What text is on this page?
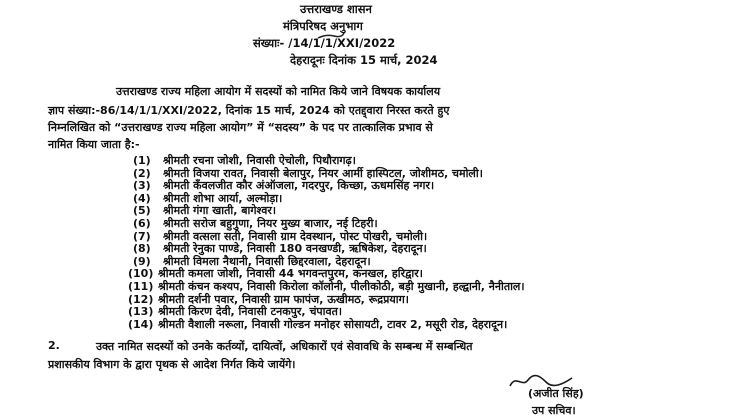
उत्तराखण्ड शासन
मंत्रिपरिषद अनुभाग
संख्याः- /14/1/1/XXI/2022
देहरादूनः दिनांक 15 मार्च, 2024
उत्तराखण्ड राज्य महिला आयोग में सदस्यों को नामित किये जाने विषयक कार्यालय
ज्ञाप संख्या:-86/14/1/1/XXI/2022, दिनांक 15 मार्च, 2024 को एतद्द्वारा निरस्त करते हुए
निम्नलिखित को “उत्तराखण्ड राज्य महिला आयोग” में “सदस्य” के पद पर तात्कालिक प्रभाव से
नामित किया जाता है:-
(1) श्रीमती रचना जोशी, निवासी ऐचोली, पिथौरागढ़।
(2) श्रीमती विजया रावत, निवासी बेलापुर, नियर आर्मी हास्पिटल, जोशीमठ, चमोली।
(3) श्रीमती कँवलजीत कौर अंऑजला, गदरपुर, किच्छा, ऊधमसिंह नगर।
(4) श्रीमती शोभा आर्या, अल्मोड़ा।
(5) श्रीमती गंगा खाती, बागेश्वर।
(6) श्रीमती सरोज बहुगुणा, नियर मुख्य बाजार, नई टिहरी।
(7) श्रीमती वत्सला सती, निवासी ग्राम देवस्थान, पोस्ट पोखरी, चमोली।
(8) श्रीमती रेनुका पाण्डे, निवासी 180 वनखण्डी, ऋषिकेश, देहरादून।
(9) श्रीमती विमला नैथानी, निवासी छिद्दरवाला, देहरादून।
(10) श्रीमती कमला जोशी, निवासी 44 भगवन्तपुरम, कनखल, हरिद्वार।
(11) श्रीमती कंचन कश्यप, निवासी किरोला कॉलोनी, पीलीकोठी, बड़ी मुखानी, हल्द्वानी, नैनीताल।
(12) श्रीमती दर्शनी पवार, निवासी ग्राम फापंज, ऊखीमठ, रूद्रप्रयाग।
(13) श्रीमती किरण देवी, निवासी टनकपुर, चंपावत।
(14) श्रीमती वैशाली नरूला, निवासी गोल्डन मनोहर सोसायटी, टावर 2, मसूरी रोड, देहरादून।
2.	उक्त नामित सदस्यों को उनके कर्तव्यों, दायित्वों, अधिकारों एवं सेवावधि के सम्बन्ध में सम्बन्धित
प्रशासकीय विभाग के द्वारा पृथक से आदेश निर्गत किये जायेंगे।
(अजीत सिंह)
उप सचिव।
